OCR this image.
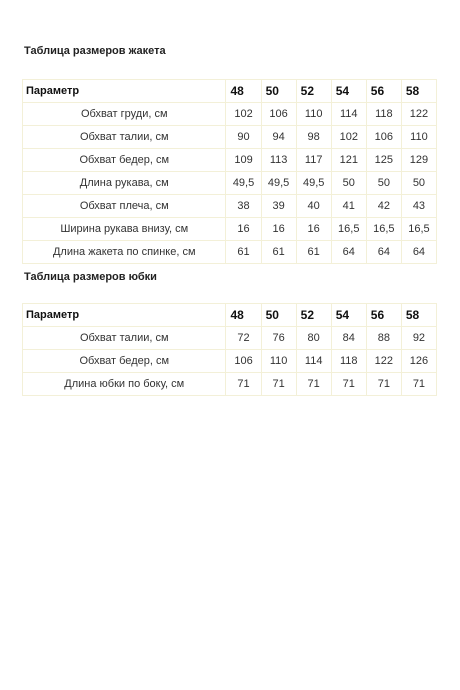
Таблица размеров жакета
Параметр	48	50	52	54	56	58
Обхват груди, см	102	106	110	114	118	122
Обхват талии, см	90	94	98	102	106	110
Обхват бедер, см	109	113	117	121	125	129
Длина рукава, см	49,5	49,5	49,5	50	50	50
Обхват плеча, см	38	39	40	41	42	43
Ширина рукава внизу, см	16	16	16	16,5	16,5	16,5
Длина жакета по спинке, см	61	61	61	64	64	64
Таблица размеров юбки
Параметр	48	50	52	54	56	58
Обхват талии, см	72	76	80	84	88	92
Обхват бедер, см	106	110	114	118	122	126
Длина юбки по боку, см	71	71	71	71	71	71
